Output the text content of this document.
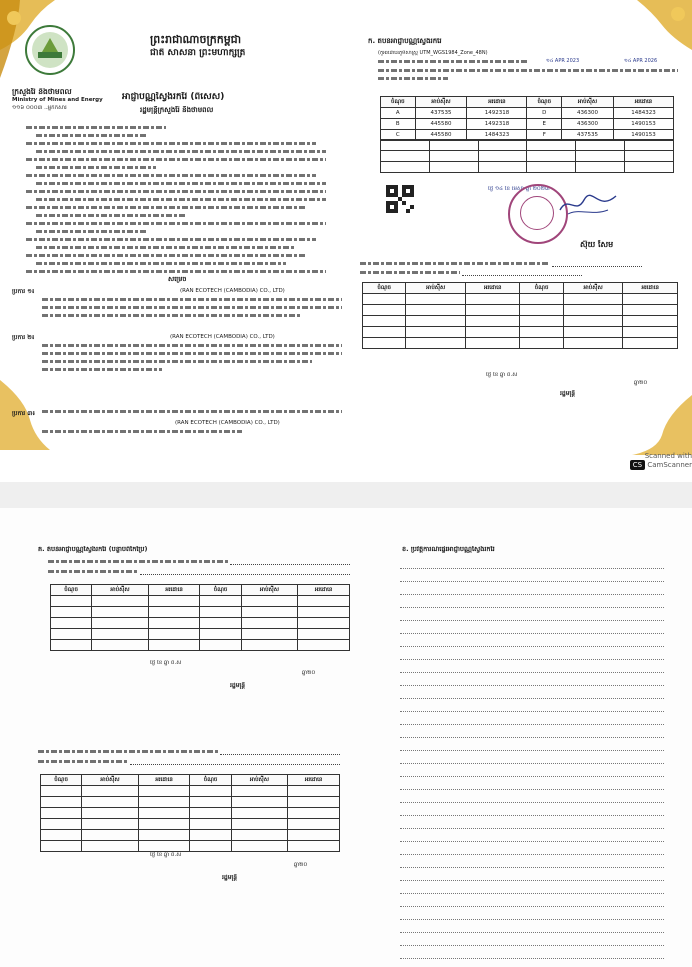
ព្រះរាជាណាចក្រកម្ពុជា
ជាតិ សាសនា ព្រះមហាក្សត្រ
ក្រសួងរ៉ែ និងថាមពល
Ministry of Mines and Energy
១១៦ ០០០៣ ..អ្នកកសារ
អាជ្ញាបណ្ណស្វែងរករ៉ែ (ពិសេស)
រដ្ឋមន្ត្រីក្រសួងរ៉ែ និងថាមពល
សម្រេច
ប្រការ ១៖	(RAN ECOTECH (CAMBODIA) CO., LTD)
ប្រការ ២៖	(RAN ECOTECH (CAMBODIA) CO., LTD)
ប្រការ ៣៖
(RAN ECOTECH (CAMBODIA) CO., LTD)
ក. តំបន់អាជ្ញាបណ្ណស្វែងរករ៉ែ
(កូអរដោនេភូមិសាស្ត្រ UTM_WGS1984_Zone_48N)
១៤ APR 2023	១៤ APR 2026
ចំណុច	អាប់ស៊ីស	អរដោនេ	ចំណុច	អាប់ស៊ីស	អរដោនេ
A	437535	1492318	D	436300	1484323
B	445580	1492318	E	436300	1490153
C	445580	1484323	F	437535	1490153

ថ្ងៃ ១៤ ខែ មេសា ឆ្នាំ ២០២៣
ស៊ុយ សែម
ចំណុច	អាប់ស៊ីស	អរដោនេ	ចំណុច	អាប់ស៊ីស	អរដោនេ

ថ្ងៃ ខែ ឆ្នាំ ព.ស
ឆ្នាំ២០
រដ្ឋមន្ត្រី
Scanned with
CS CamScanner
គ. តំបន់អាជ្ញាបណ្ណស្វែងរករ៉ែ (បន្ទាប់ពីកែប្រែ)	ខ. ប្រវត្តិការណ៍ផ្ទេរអាជ្ញាបណ្ណស្វែងរករ៉ែ
ចំណុច	អាប់ស៊ីស	អរដោនេ	ចំណុច	អាប់ស៊ីស	អរដោនេ

ថ្ងៃ ខែ ឆ្នាំ ព.ស
ឆ្នាំ២០
រដ្ឋមន្ត្រី
ចំណុច	អាប់ស៊ីស	អរដោនេ	ចំណុច	អាប់ស៊ីស	អរដោនេ

ថ្ងៃ ខែ ឆ្នាំ ព.ស
ឆ្នាំ២០
រដ្ឋមន្ត្រី
